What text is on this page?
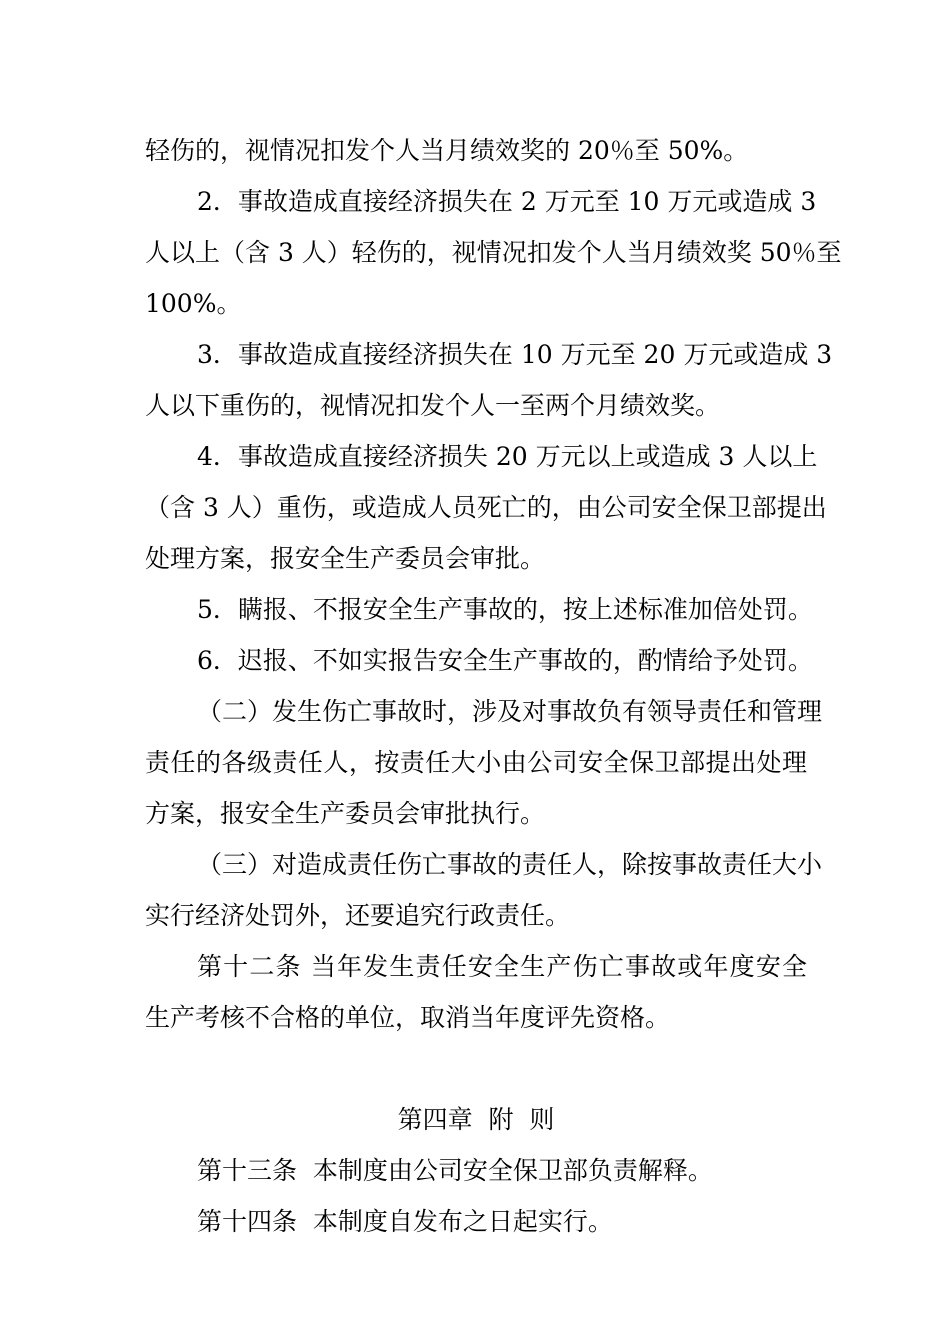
轻伤的，视情况扣发个人当月绩效奖的 20％至 50%。
2．事故造成直接经济损失在 2 万元至 10 万元或造成 3
人以上（含 3 人）轻伤的，视情况扣发个人当月绩效奖 50％至
100%。
3．事故造成直接经济损失在 10 万元至 20 万元或造成 3
人以下重伤的，视情况扣发个人一至两个月绩效奖。
4．事故造成直接经济损失 20 万元以上或造成 3 人以上
（含 3 人）重伤，或造成人员死亡的，由公司安全保卫部提出
处理方案，报安全生产委员会审批。
5．瞒报、不报安全生产事故的，按上述标准加倍处罚。
6．迟报、不如实报告安全生产事故的，酌情给予处罚。
（二）发生伤亡事故时，涉及对事故负有领导责任和管理
责任的各级责任人，按责任大小由公司安全保卫部提出处理
方案，报安全生产委员会审批执行。
（三）对造成责任伤亡事故的责任人，除按事故责任大小
实行经济处罚外，还要追究行政责任。
第十二条 当年发生责任安全生产伤亡事故或年度安全
生产考核不合格的单位，取消当年度评先资格。
第四章  附  则
第十三条  本制度由公司安全保卫部负责解释。
第十四条  本制度自发布之日起实行。
